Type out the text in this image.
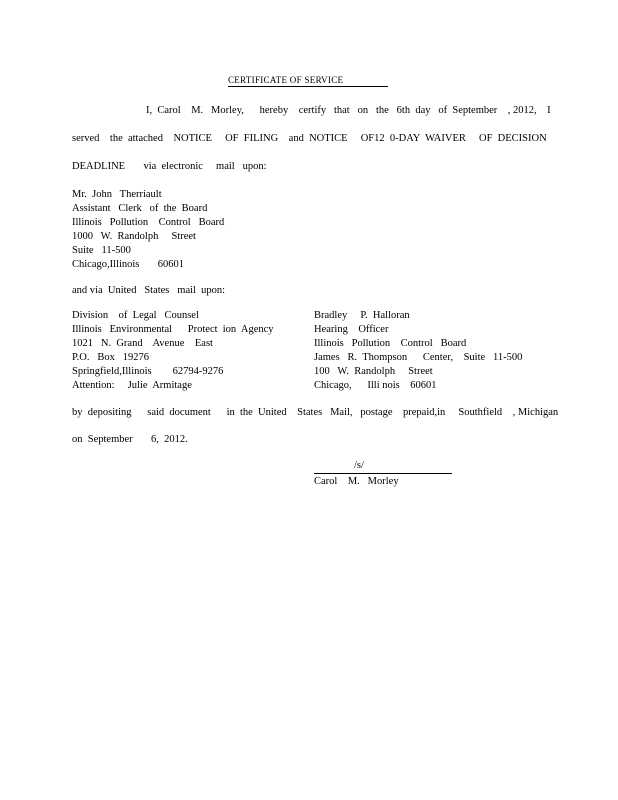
CERTIFICATE OF SERVICE
I,  Carol    M.   Morley,      hereby    certify   that   on   the   6th  day   of  September    , 2012,    I
served    the  attached    NOTICE     OF  FILING    and  NOTICE     OF12  0-DAY  WAIVER     OF  DECISION
DEADLINE       via  electronic     mail   upon:
Mr.  John   Therriault
Assistant   Clerk   of  the  Board
Illinois   Pollution    Control   Board
1000   W.  Randolph     Street
Suite   11-500
Chicago,Illinois       60601
and via  United   States   mail  upon:
Division    of  Legal   Counsel
Illinois   Environmental      Protect  ion  Agency
1021   N.  Grand    Avenue    East
P.O.   Box   19276
Springfield,Illinois        62794-9276
Attention:     Julie  Armitage
Bradley     P.  Halloran
Hearing    Officer
Illinois   Pollution    Control   Board
James   R.  Thompson      Center,    Suite   11-500
100   W.  Randolph     Street
Chicago,      Illi nois    60601
by  depositing      said  document      in  the  United    States   Mail,   postage    prepaid,in     Southfield    , Michigan
on  September       6,  2012.
/s/
Carol    M.   Morley
